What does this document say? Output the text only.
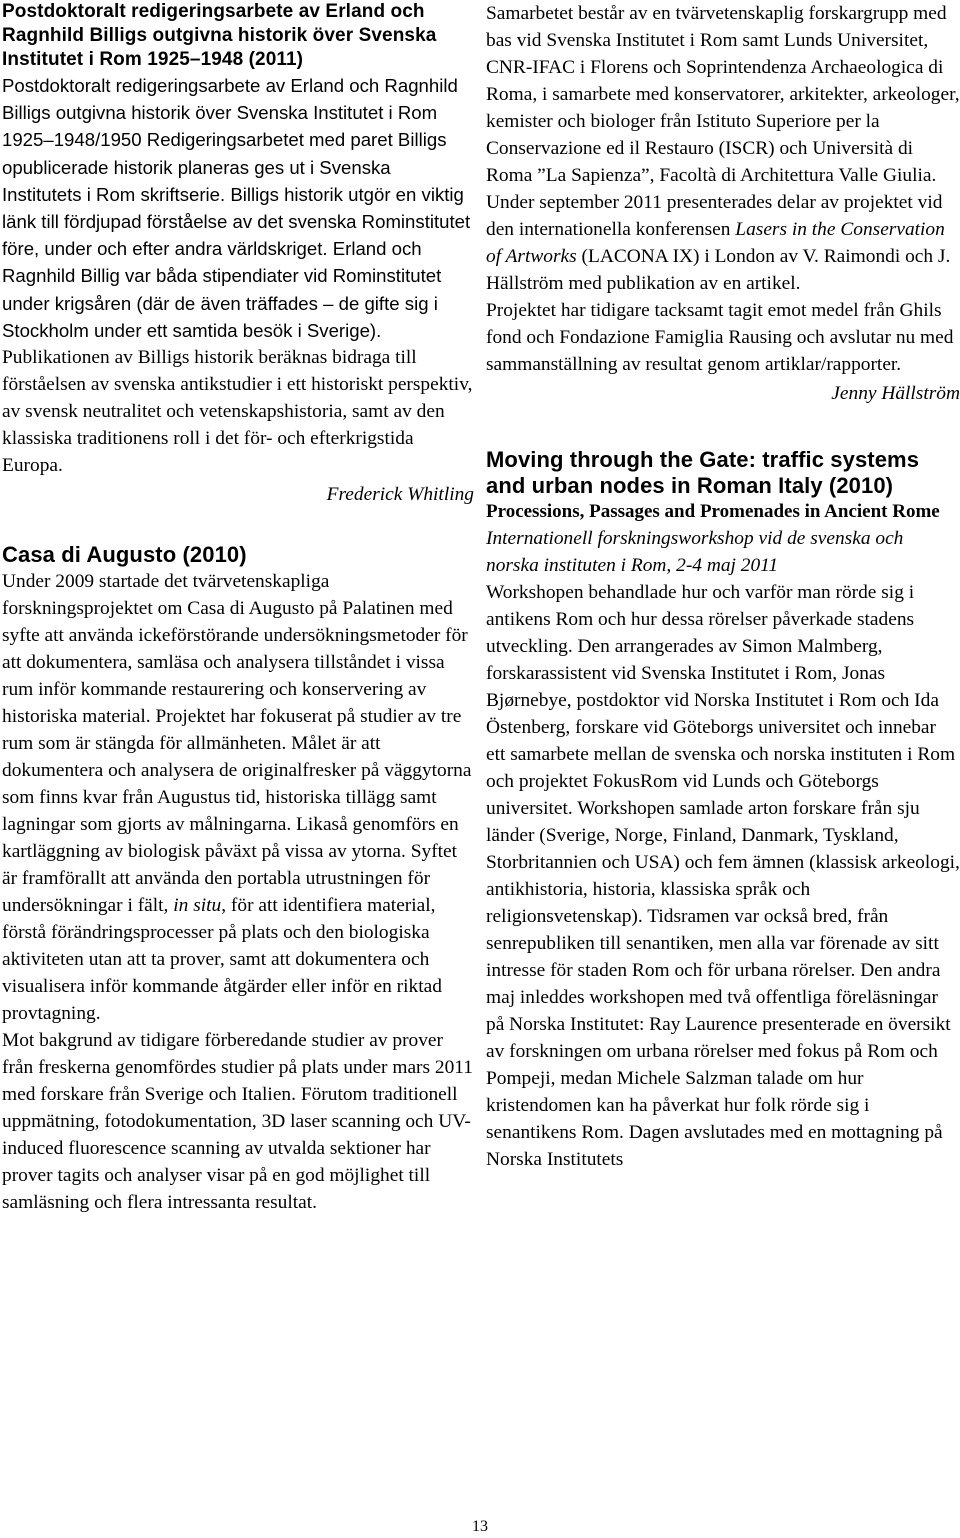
Postdoktoralt redigeringsarbete av Erland och Ragnhild Billigs outgivna historik över Svenska Institutet i Rom 1925–1948 (2011)

Postdoktoralt redigeringsarbete av Erland och Ragnhild Billigs outgivna historik över Svenska Institutet i Rom 1925–1948/1950 Redigeringsarbetet med paret Billigs opublicerade historik planeras ges ut i Svenska Institutets i Rom skriftserie. Billigs historik utgör en viktig länk till fördjupad förståelse av det svenska Rominstitutet före, under och efter andra världskriget. Erland och Ragnhild Billig var båda stipendiater vid Rominstitutet under krigsåren (där de även träffades – de gifte sig i Stockholm under ett samtida besök i Sverige).

Publikationen av Billigs historik beräknas bidraga till förståelsen av svenska antikstudier i ett historiskt perspektiv, av svensk neutralitet och vetenskapshistoria, samt av den klassiska traditionens roll i det för- och efterkrigstida Europa.

Frederick Whitling

Casa di Augusto (2010)

Under 2009 startade det tvärvetenskapliga forskningsprojektet om Casa di Augusto på Palatinen med syfte att använda ickeförstörande undersökningsmetoder för att dokumentera, samläsa och analysera tillståndet i vissa rum inför kommande restaurering och konservering av historiska material. Projektet har fokuserat på studier av tre rum som är stängda för allmänheten. Målet är att dokumentera och analysera de originalfresker på väggytorna som finns kvar från Augustus tid, historiska tillägg samt lagningar som gjorts av målningarna. Likaså genomförs en kartläggning av biologisk påväxt på vissa av ytorna. Syftet är framförallt att använda den portabla utrustningen för undersökningar i fält, in situ, för att identifiera material, förstå förändringsprocesser på plats och den biologiska aktiviteten utan att ta prover, samt att dokumentera och visualisera inför kommande åtgärder eller inför en riktad provtagning.

Mot bakgrund av tidigare förberedande studier av prover från freskerna genomfördes studier på plats under mars 2011 med forskare från Sverige och Italien. Förutom traditionell uppmätning, fotodokumentation, 3D laser scanning och UV-induced fluorescence scanning av utvalda sektioner har prover tagits och analyser visar på en god möjlighet till samläsning och flera intressanta resultat.

Samarbetet består av en tvärvetenskaplig forskargrupp med bas vid Svenska Institutet i Rom samt Lunds Universitet, CNR-IFAC i Florens och Soprintendenza Archaeologica di Roma, i samarbete med konservatorer, arkitekter, arkeologer, kemister och biologer från Istituto Superiore per la Conservazione ed il Restauro (ISCR) och Università di Roma ”La Sapienza”, Facoltà di Architettura Valle Giulia.

Under september 2011 presenterades delar av projektet vid den internationella konferensen Lasers in the Conservation of Artworks (LACONA IX) i London av V. Raimondi och J. Hällström med publikation av en artikel.

Projektet har tidigare tacksamt tagit emot medel från Ghils fond och Fondazione Famiglia Rausing och avslutar nu med sammanställning av resultat genom artiklar/rapporter.

Jenny Hällström

Moving through the Gate: traffic systems and urban nodes in Roman Italy (2010)
Processions, Passages and Promenades in Ancient Rome

Internationell forskningsworkshop vid de svenska och norska instituten i Rom, 2-4 maj 2011

Workshopen behandlade hur och varför man rörde sig i antikens Rom och hur dessa rörelser påverkade stadens utveckling. Den arrangerades av Simon Malmberg, forskarassistent vid Svenska Institutet i Rom, Jonas Bjørnebye, postdoktor vid Norska Institutet i Rom och Ida Östenberg, forskare vid Göteborgs universitet och innebar ett samarbete mellan de svenska och norska instituten i Rom och projektet FokusRom vid Lunds och Göteborgs universitet. Workshopen samlade arton forskare från sju länder (Sverige, Norge, Finland, Danmark, Tyskland, Storbritannien och USA) och fem ämnen (klassisk arkeologi, antikhistoria, historia, klassiska språk och religionsvetenskap). Tidsramen var också bred, från senrepubliken till senantiken, men alla var förenade av sitt intresse för staden Rom och för urbana rörelser. Den andra maj inleddes workshopen med två offentliga föreläsningar på Norska Institutet: Ray Laurence presenterade en översikt av forskningen om urbana rörelser med fokus på Rom och Pompeji, medan Michele Salzman talade om hur kristendomen kan ha påverkat hur folk rörde sig i senantikens Rom. Dagen avslutades med en mottagning på Norska Institutets

13
